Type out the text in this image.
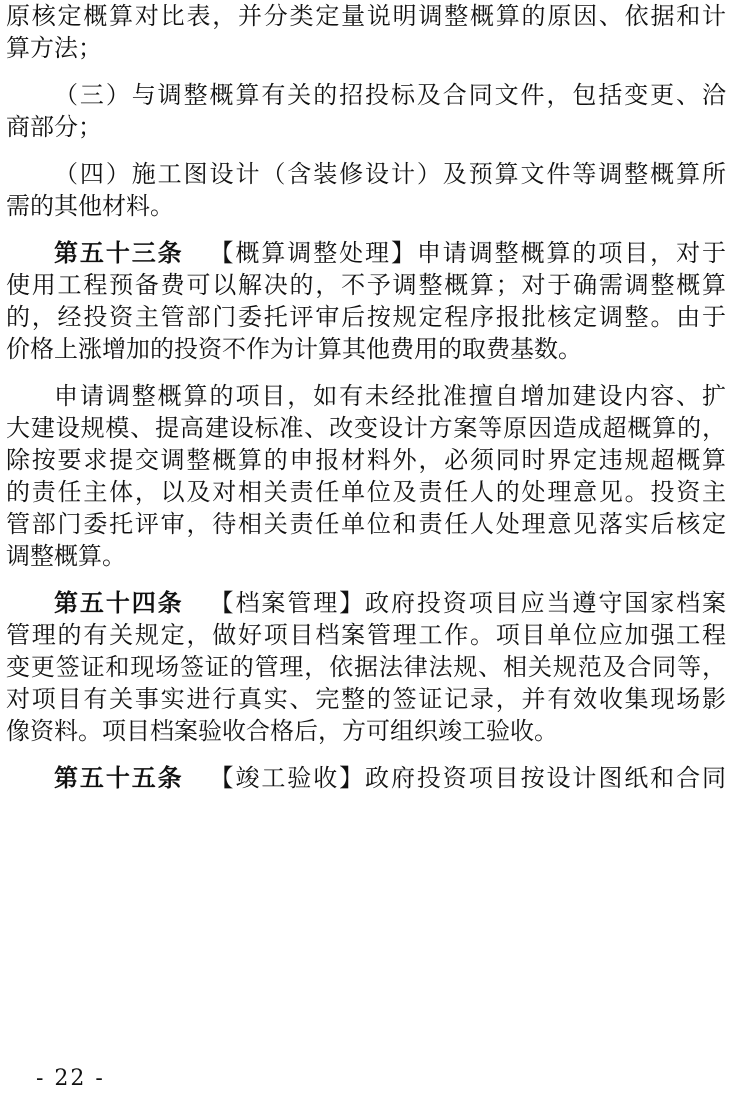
原核定概算对比表，并分类定量说明调整概算的原因、依据和计

算方法；

（三）与调整概算有关的招投标及合同文件，包括变更、洽

商部分；

（四）施工图设计（含装修设计）及预算文件等调整概算所

需的其他材料。

第五十三条 【概算调整处理】申请调整概算的项目，对于

使用工程预备费可以解决的，不予调整概算；对于确需调整概算

的，经投资主管部门委托评审后按规定程序报批核定调整。由于

价格上涨增加的投资不作为计算其他费用的取费基数。

申请调整概算的项目，如有未经批准擅自增加建设内容、扩

大建设规模、提高建设标准、改变设计方案等原因造成超概算的，

除按要求提交调整概算的申报材料外，必须同时界定违规超概算

的责任主体，以及对相关责任单位及责任人的处理意见。投资主

管部门委托评审，待相关责任单位和责任人处理意见落实后核定

调整概算。

第五十四条 【档案管理】政府投资项目应当遵守国家档案

管理的有关规定，做好项目档案管理工作。项目单位应加强工程

变更签证和现场签证的管理，依据法律法规、相关规范及合同等，

对项目有关事实进行真实、完整的签证记录，并有效收集现场影

像资料。项目档案验收合格后，方可组织竣工验收。

第五十五条 【竣工验收】政府投资项目按设计图纸和合同

- 22 -
